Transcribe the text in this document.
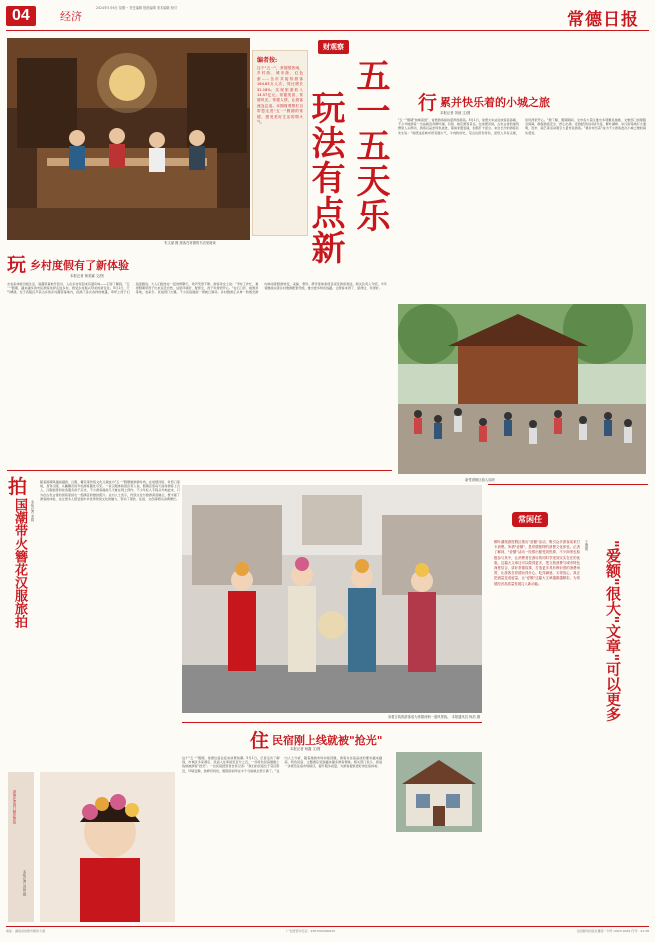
04	经济
2024年5月6日 星期一 责任编辑 报纸编辑 美术编辑 校对
常德日报
编者按:
这个"五一"，常德很热闹，乡村游、城市游、红色游……全市共接待游客164.83万人次，同比增长32.18%；实现旅游收入14.57亿元。常德美食、常德风光、常德人情，让游客流连忘返。本期财观察栏目带您走进"五一"假期的常德，感受美好生活的烟火气。
财观察
五一五天乐
玩法有点新	行 累并快乐着的小城之旅
本报记者 刘琼 文/图
"五一"假期"热辣滚烫"，常德游客接待量再创新高。5月1日，常德火车站迎来客流高峰，不少外地游客一出站就直奔柳叶湖、河街、桃花源等景点。在常德河街，古色古香的建筑群里人头攒动，游客们品尝特色美食，观看非遗表演，拍照打卡留念。来自长沙的游客张先生说："常德这座城市很有烟火气，牛肉粉好吃，景点也很有特色，虽然人多有点累，但玩得很开心。"据了解，假期期间，全市各大景区推出多项惠民措施，文旅部门加强服务保障，确保游客安全、舒心出游。夜游经济也持续升温，柳叶湖畔、步行街等地灯火通明，夜市、演艺等活动吸引大量市民游客。"累并快乐着"成为不少游客此次小城之旅的真实感受。
朱文斌 摄 游客在常德的书店里阅读
玩 乡村度假有了新体验
本报记者 黄美霖 文/图
去农家体验田园生活，到露营基地开派对，人在乡村玩起来有滋有味——记者了解到，"五一"假期，越来越多的市民游客选择走进乡村，感受乡村振兴带来的新变化。5月1日，天气晴朗，位于武陵区芦荻山乡的乡村露营基地内，搭满了各式各样的帐篷，草坪上孩子们追逐嬉戏，大人们围坐在一起烧烤聊天，欢声笑语不断。游客李女士说："平时工作忙，难得假期带孩子出来亲近自然，这里环境好、配套全，孩子玩得很开心。"在石门县、桃源县等地，农家乐、民宿预订火爆，不少民宿提前一周就已满房。乡村旅游正从单一的观光游向休闲度假游转变，采摘、垂钓、研学等体验项目深受游客欢迎。相关负责人介绍，今年将继续完善乡村旅游配套设施，推出更多特色线路，让游客来得了、留得住、玩得好。
新堂湾街区游人如织
拍
国潮带火簪花汉服旅拍 本报记者 李娟
随着国潮风越刮越劲，汉服、簪花等传统文化元素成为"五一"假期旅游新时尚。在常德河街、老西门等地，身穿汉服、头戴簪花的年轻游客随处可见。一家汉服体验馆负责人说，假期店里每天接待游客上百人，汉服租赁和妆造服务供不应求，不少游客提前几天就在网上预约。不少年轻人专程从外地赶来，只为在古色古香的街巷里拍出一组满意的旅拍照片。业内人士表示，传统文化与旅游深度融合，既丰富了游客的体验，也让更多人感受到中华优秀传统文化的魅力，带动了餐饮、住宿、文创等相关消费增长。
身着古装的游客成为常德河街一道风景线。 本报通讯员 杨浩 摄
常闲任
"爱额"很大"文章"可以更多
王俊德
柳叶湖旅游度假区推出"爱额"活动，吸引众多游客前来打卡消费。所谓"爱额"，是常德独特的消费文化体验。记者了解到，"爱额"活动一经推出便受到热捧，不少商家也积极参与其中，让消费者在游玩的同时享受到实实在在的优惠。这篇大文章还可以做得更多，把文旅消费与城市特色深度结合，讲好常德故事，打造更多具有辨识度的消费场景，让游客在常德玩得开心、吃得满意、买得放心，真正把流量变成留量，让"爱额"这篇大文章越做越精彩，为常德经济高质量发展注入新动能。
游客在老西门簪花旅拍
本报记者 刘琼 摄
住 民宿刚上线就被"抢光"
本报记者 杨鑫 文/图
这个"五一"假期，常德住宿业迎来消费热潮。5月1日，记者走访了解到，市城区多家酒店、民宿入住率接近百分之百，一些特色民宿刚刚上线就被游客"抢光"。一位民宿经营者告诉记者："我们的民宿位于景区附近，环境安静，装修有特色，假期房间早在半个月前就全部订满了。"业内人士分析，随着旅游市场持续回暖，游客对住宿品质的要求越来越高，特色民宿、主题酒店受到越来越多游客青睐。相关部门表示，将进一步规范住宿市场秩序，提升服务质量，为游客提供更好的住宿体验。
地址：湖南省常德市朗州大道	广告经营许可证：4307004000025	全国新闻出版总署统一刊号 CN43-0039 代号：41-38
